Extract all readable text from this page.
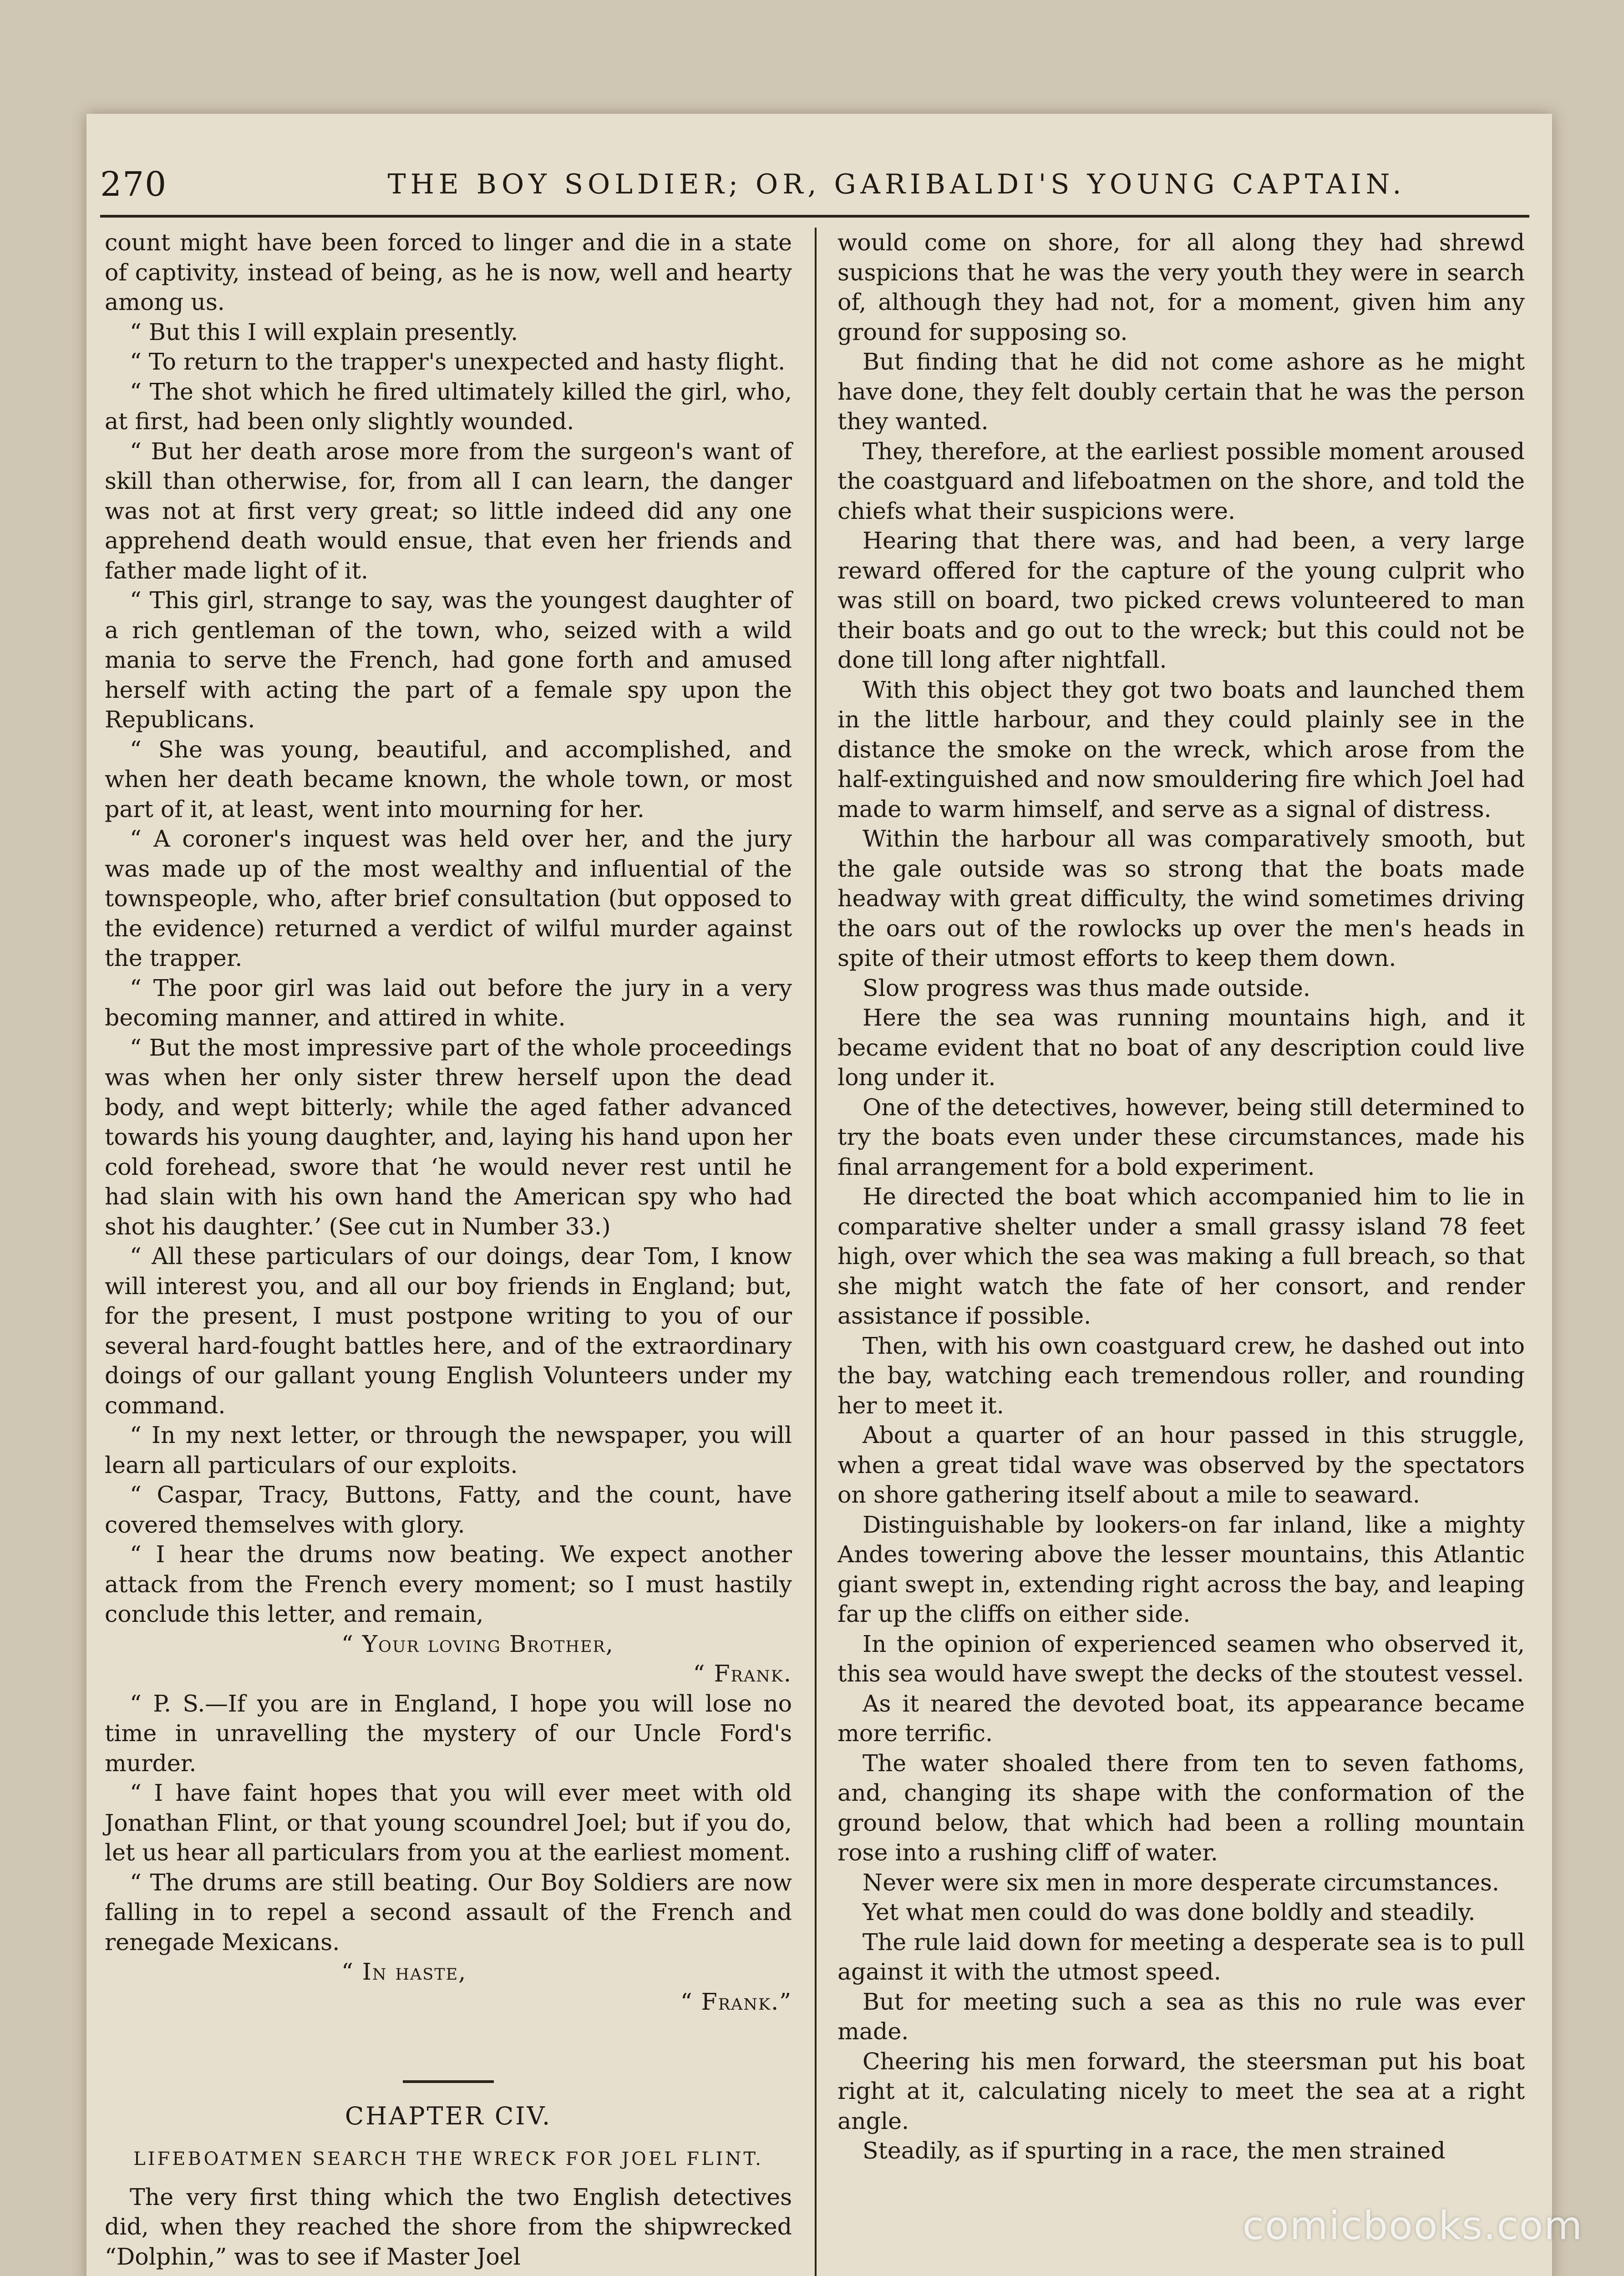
270	THE BOY SOLDIER; OR, GARIBALDI'S YOUNG CAPTAIN.

count might have been forced to linger and die in a state of captivity, instead of being, as he is now, well and hearty among us.

“ But this I will explain presently.

“ To return to the trapper's unexpected and hasty flight.

“ The shot which he fired ultimately killed the girl, who, at first, had been only slightly wounded.

“ But her death arose more from the surgeon's want of skill than otherwise, for, from all I can learn, the danger was not at first very great; so little indeed did any one apprehend death would ensue, that even her friends and father made light of it.

“ This girl, strange to say, was the youngest daughter of a rich gentleman of the town, who, seized with a wild mania to serve the French, had gone forth and amused herself with acting the part of a female spy upon the Republicans.

“ She was young, beautiful, and accomplished, and when her death became known, the whole town, or most part of it, at least, went into mourning for her.

“ A coroner's inquest was held over her, and the jury was made up of the most wealthy and influential of the townspeople, who, after brief consultation (but opposed to the evidence) returned a verdict of wilful murder against the trapper.

“ The poor girl was laid out before the jury in a very becoming manner, and attired in white.

“ But the most impressive part of the whole proceedings was when her only sister threw herself upon the dead body, and wept bitterly; while the aged father advanced towards his young daughter, and, laying his hand upon her cold forehead, swore that ‘he would never rest until he had slain with his own hand the American spy who had shot his daughter.’ (See cut in Number 33.)

“ All these particulars of our doings, dear Tom, I know will interest you, and all our boy friends in England; but, for the present, I must postpone writing to you of our several hard-fought battles here, and of the extraordinary doings of our gallant young English Volunteers under my command.

“ In my next letter, or through the newspaper, you will learn all particulars of our exploits.

“ Caspar, Tracy, Buttons, Fatty, and the count, have covered themselves with glory.

“ I hear the drums now beating. We expect another attack from the French every moment; so I must hastily conclude this letter, and remain,

“ Your loving Brother,

“ Frank.

“ P. S.—If you are in England, I hope you will lose no time in unravelling the mystery of our Uncle Ford's murder.

“ I have faint hopes that you will ever meet with old Jonathan Flint, or that young scoundrel Joel; but if you do, let us hear all particulars from you at the earliest moment.

“ The drums are still beating. Our Boy Soldiers are now falling in to repel a second assault of the French and renegade Mexicans.

“ In haste,

“ Frank.”

CHAPTER CIV.
LIFEBOATMEN SEARCH THE WRECK FOR JOEL FLINT.

The very first thing which the two English detectives did, when they reached the shore from the shipwrecked “Dolphin,” was to see if Master Joel

would come on shore, for all along they had shrewd suspicions that he was the very youth they were in search of, although they had not, for a moment, given him any ground for supposing so.

But finding that he did not come ashore as he might have done, they felt doubly certain that he was the person they wanted.

They, therefore, at the earliest possible moment aroused the coastguard and lifeboatmen on the shore, and told the chiefs what their suspicions were.

Hearing that there was, and had been, a very large reward offered for the capture of the young culprit who was still on board, two picked crews volunteered to man their boats and go out to the wreck; but this could not be done till long after nightfall.

With this object they got two boats and launched them in the little harbour, and they could plainly see in the distance the smoke on the wreck, which arose from the half-extinguished and now smouldering fire which Joel had made to warm himself, and serve as a signal of distress.

Within the harbour all was comparatively smooth, but the gale outside was so strong that the boats made headway with great difficulty, the wind sometimes driving the oars out of the rowlocks up over the men's heads in spite of their utmost efforts to keep them down.

Slow progress was thus made outside.

Here the sea was running mountains high, and it became evident that no boat of any description could live long under it.

One of the detectives, however, being still determined to try the boats even under these circumstances, made his final arrangement for a bold experiment.

He directed the boat which accompanied him to lie in comparative shelter under a small grassy island 78 feet high, over which the sea was making a full breach, so that she might watch the fate of her consort, and render assistance if possible.

Then, with his own coastguard crew, he dashed out into the bay, watching each tremendous roller, and rounding her to meet it.

About a quarter of an hour passed in this struggle, when a great tidal wave was observed by the spectators on shore gathering itself about a mile to seaward.

Distinguishable by lookers-on far inland, like a mighty Andes towering above the lesser mountains, this Atlantic giant swept in, extending right across the bay, and leaping far up the cliffs on either side.

In the opinion of experienced seamen who observed it, this sea would have swept the decks of the stoutest vessel.

As it neared the devoted boat, its appearance became more terrific.

The water shoaled there from ten to seven fathoms, and, changing its shape with the conformation of the ground below, that which had been a rolling mountain rose into a rushing cliff of water.

Never were six men in more desperate circumstances.

Yet what men could do was done boldly and steadily.

The rule laid down for meeting a desperate sea is to pull against it with the utmost speed.

But for meeting such a sea as this no rule was ever made.

Cheering his men forward, the steersman put his boat right at it, calculating nicely to meet the sea at a right angle.

Steadily, as if spurting in a race, the men strained

comicbooks.com
